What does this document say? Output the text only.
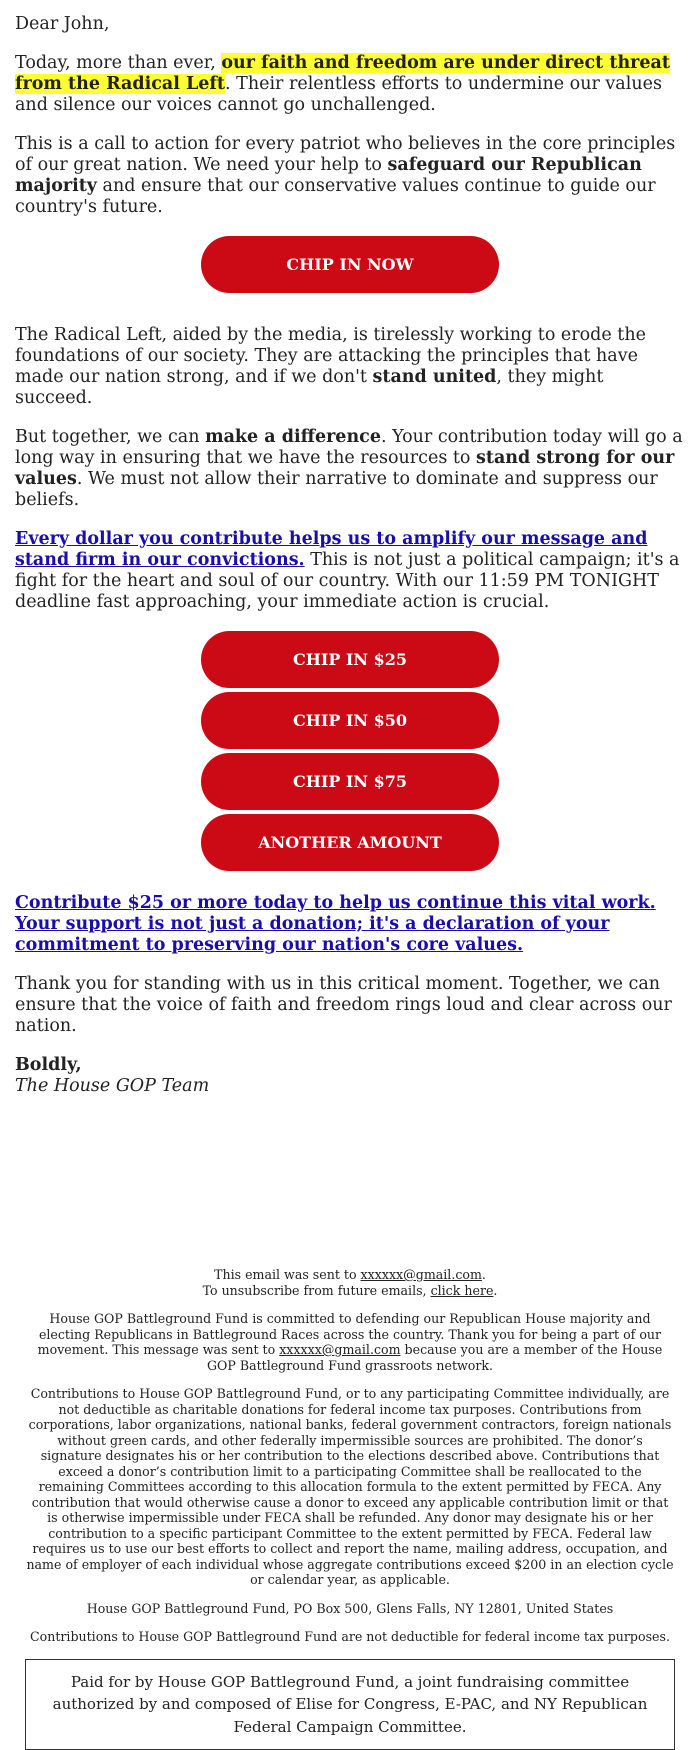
Dear John,

Today, more than ever, our faith and freedom are under direct threat from the Radical Left. Their relentless efforts to undermine our values and silence our voices cannot go unchallenged.

This is a call to action for every patriot who believes in the core principles of our great nation. We need your help to safeguard our Republican majority and ensure that our conservative values continue to guide our country's future.

CHIP IN NOW

The Radical Left, aided by the media, is tirelessly working to erode the foundations of our society. They are attacking the principles that have made our nation strong, and if we don't stand united, they might succeed.

But together, we can make a difference. Your contribution today will go a long way in ensuring that we have the resources to stand strong for our values. We must not allow their narrative to dominate and suppress our beliefs.

Every dollar you contribute helps us to amplify our message and stand firm in our convictions. This is not just a political campaign; it's a fight for the heart and soul of our country. With our 11:59 PM TONIGHT deadline fast approaching, your immediate action is crucial.

CHIP IN $25
CHIP IN $50
CHIP IN $75
ANOTHER AMOUNT

Contribute $25 or more today to help us continue this vital work. Your support is not just a donation; it's a declaration of your commitment to preserving our nation's core values.

Thank you for standing with us in this critical moment. Together, we can ensure that the voice of faith and freedom rings loud and clear across our nation.

Boldly,
The House GOP Team

This email was sent to xxxxxx@gmail.com.
To unsubscribe from future emails, click here.

House GOP Battleground Fund is committed to defending our Republican House majority and electing Republicans in Battleground Races across the country. Thank you for being a part of our movement. This message was sent to xxxxxx@gmail.com because you are a member of the House GOP Battleground Fund grassroots network.

Contributions to House GOP Battleground Fund, or to any participating Committee individually, are not deductible as charitable donations for federal income tax purposes. Contributions from corporations, labor organizations, national banks, federal government contractors, foreign nationals without green cards, and other federally impermissible sources are prohibited. The donor’s signature designates his or her contribution to the elections described above. Contributions that exceed a donor’s contribution limit to a participating Committee shall be reallocated to the remaining Committees according to this allocation formula to the extent permitted by FECA. Any contribution that would otherwise cause a donor to exceed any applicable contribution limit or that is otherwise impermissible under FECA shall be refunded. Any donor may designate his or her contribution to a specific participant Committee to the extent permitted by FECA. Federal law requires us to use our best efforts to collect and report the name, mailing address, occupation, and name of employer of each individual whose aggregate contributions exceed $200 in an election cycle or calendar year, as applicable.

House GOP Battleground Fund, PO Box 500, Glens Falls, NY 12801, United States

Contributions to House GOP Battleground Fund are not deductible for federal income tax purposes.

Paid for by House GOP Battleground Fund, a joint fundraising committee authorized by and composed of Elise for Congress, E-PAC, and NY Republican Federal Campaign Committee.
